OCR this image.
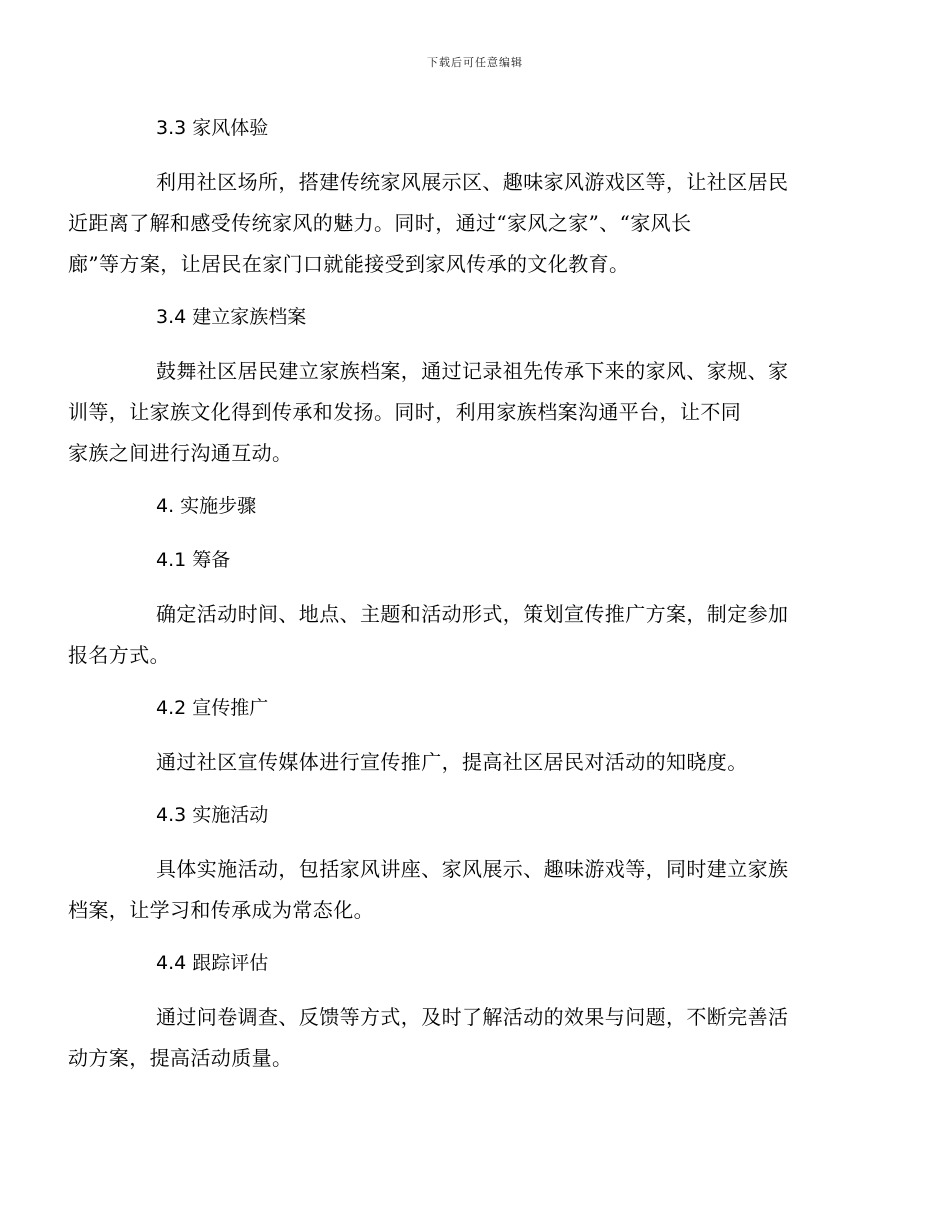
下载后可任意编辑
3.3 家风体验

利用社区场所，搭建传统家风展示区、趣味家风游戏区等，让社区居民
近距离了解和感受传统家风的魅力。同时，通过“家风之家”、“家风长
廊”等方案，让居民在家门口就能接受到家风传承的文化教育。

3.4 建立家族档案

鼓舞社区居民建立家族档案，通过记录祖先传承下来的家风、家规、家
训等，让家族文化得到传承和发扬。同时，利用家族档案沟通平台，让不同
家族之间进行沟通互动。

4. 实施步骤
4.1 筹备

确定活动时间、地点、主题和活动形式，策划宣传推广方案，制定参加
报名方式。

4.2 宣传推广

通过社区宣传媒体进行宣传推广，提高社区居民对活动的知晓度。

4.3 实施活动

具体实施活动，包括家风讲座、家风展示、趣味游戏等，同时建立家族
档案，让学习和传承成为常态化。

4.4 跟踪评估

通过问卷调查、反馈等方式，及时了解活动的效果与问题，不断完善活
动方案，提高活动质量。
